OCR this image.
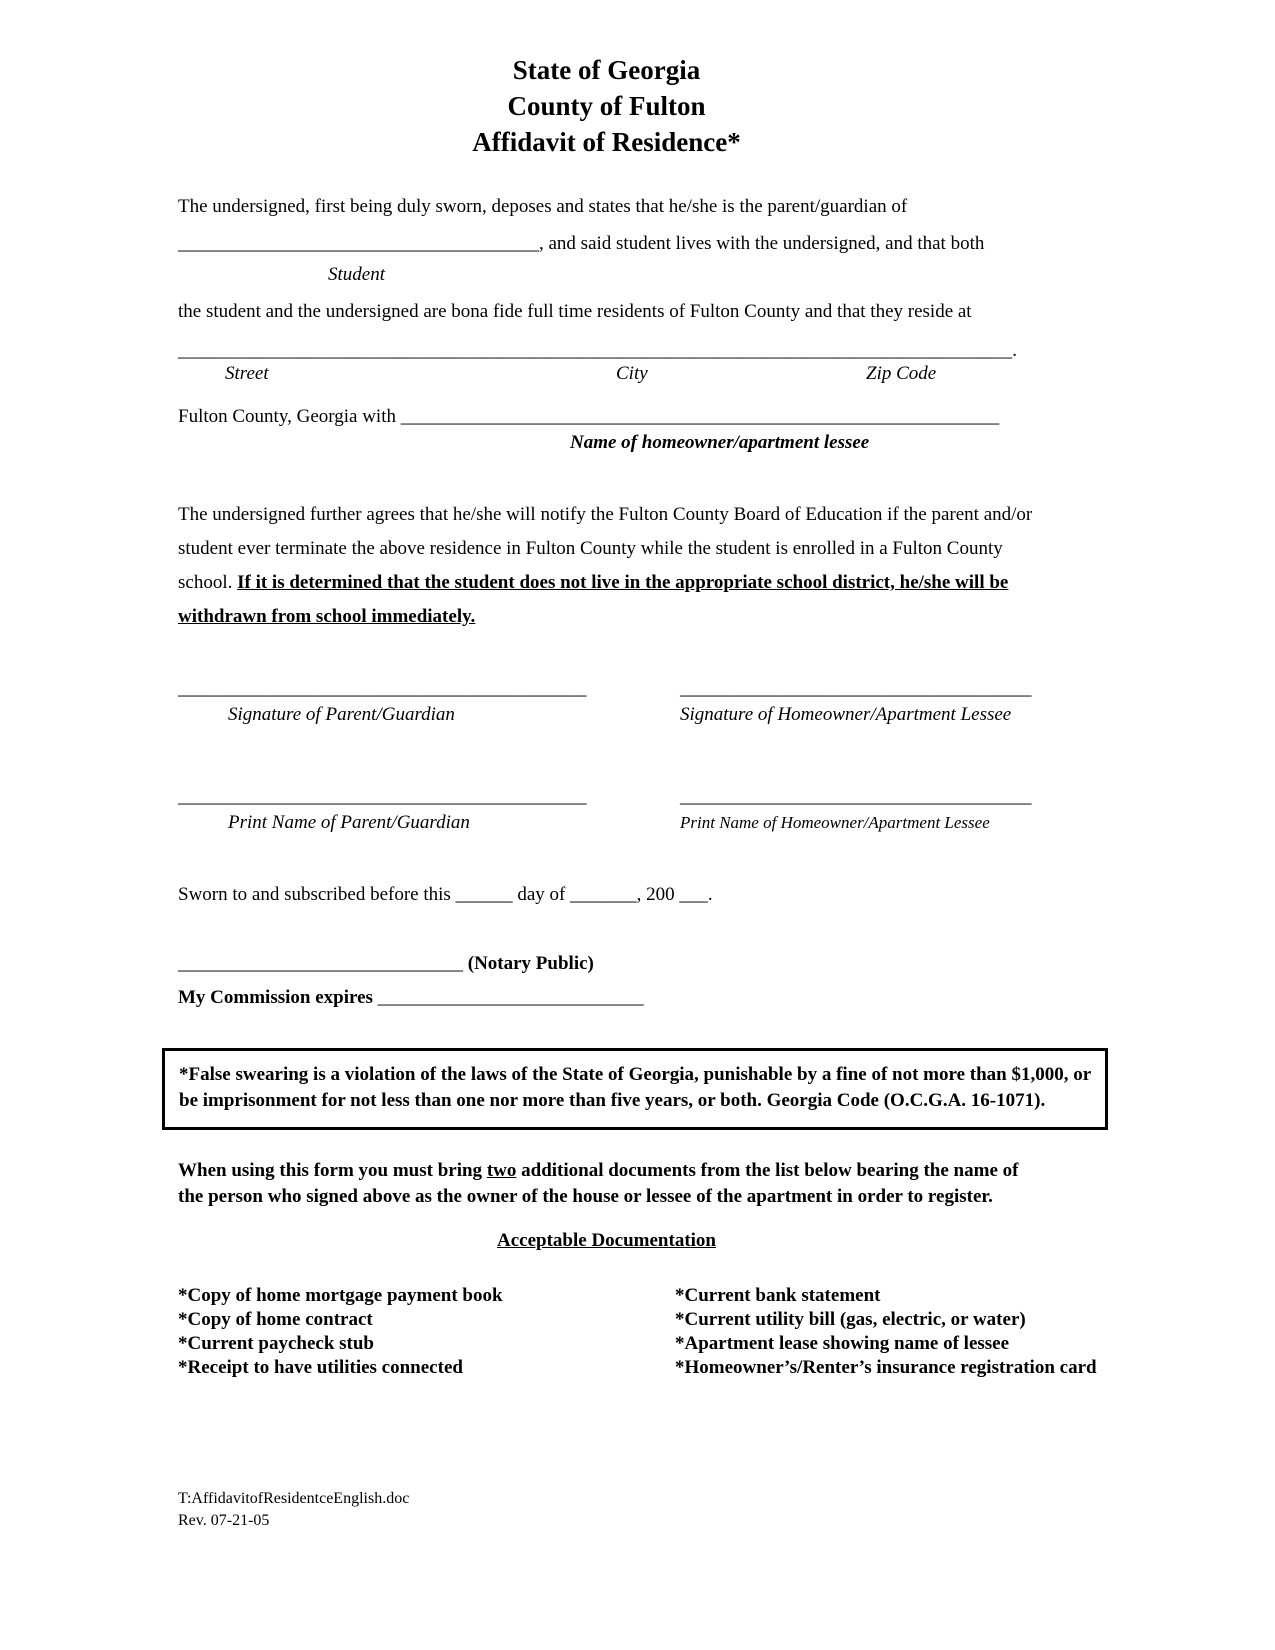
State of Georgia
County of Fulton
Affidavit of Residence*
The undersigned, first being duly sworn, deposes and states that he/she is the parent/guardian of
______________________________________, and said student lives with the undersigned, and that both
Student
the student and the undersigned are bona fide full time residents of Fulton County and that they reside at
______________________________________________________________________________________.
Street	City	Zip Code
Fulton County, Georgia with _______________________________________________________________
Name of homeowner/apartment lessee
The undersigned further agrees that he/she will notify the Fulton County Board of Education if the parent and/or student ever terminate the above residence in Fulton County while the student is enrolled in a Fulton County school. If it is determined that the student does not live in the appropriate school district, he/she will be withdrawn from school immediately.
___________________________________________	_____________________________________
Signature of Parent/Guardian	Signature of Homeowner/Apartment Lessee
___________________________________________	_____________________________________
Print Name of Parent/Guardian	Print Name of Homeowner/Apartment Lessee
Sworn to and subscribed before this ______ day of _______, 200 ___.
______________________________ (Notary Public)
My Commission expires ____________________________
*False swearing is a violation of the laws of the State of Georgia, punishable by a fine of not more than $1,000, or be imprisonment for not less than one nor more than five years, or both. Georgia Code (O.C.G.A. 16-1071).
When using this form you must bring two additional documents from the list below bearing the name of the person who signed above as the owner of the house or lessee of the apartment in order to register.
Acceptable Documentation
*Copy of home mortgage payment book
*Copy of home contract
*Current paycheck stub
*Receipt to have utilities connected
*Current bank statement
*Current utility bill (gas, electric, or water)
*Apartment lease showing name of lessee
*Homeowner’s/Renter’s insurance registration card
T:AffidavitofResidentceEnglish.doc
Rev. 07-21-05
